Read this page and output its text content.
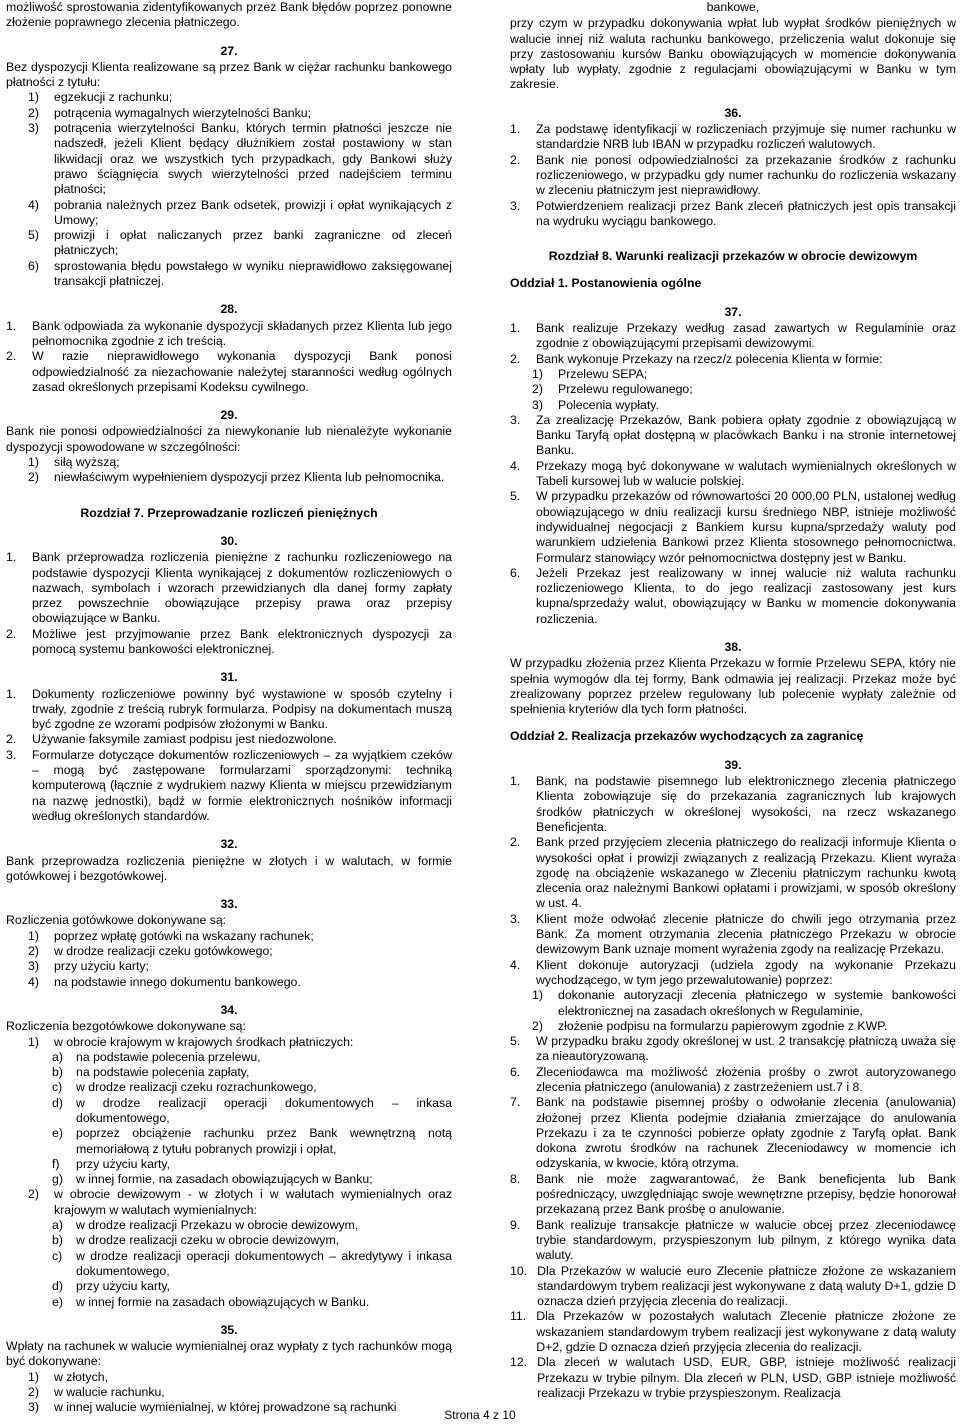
możliwość sprostowania zidentyfikowanych przez Bank błędów poprzez ponowne złożenie poprawnego zlecenia płatniczego.
27.
Bez dyspozycji Klienta realizowane są przez Bank w ciężar rachunku bankowego płatności z tytułu:
1)	egzekucji z rachunku;
2)	potrącenia wymagalnych wierzytelności Banku;
3)	potrącenia wierzytelności Banku, których termin płatności jeszcze nie nadszedł, jeżeli Klient będący dłużnikiem został postawiony w stan likwidacji oraz we wszystkich tych przypadkach, gdy Bankowi służy prawo ściągnięcia swych wierzytelności przed nadejściem terminu płatności;
4)	pobrania należnych przez Bank odsetek, prowizji i opłat wynikających z Umowy;
5)	prowizji i opłat naliczanych przez banki zagraniczne od zleceń płatniczych;
6)	sprostowania błędu powstałego w wyniku nieprawidłowo zaksięgowanej transakcji płatniczej.
28.
1.	Bank odpowiada za wykonanie dyspozycji składanych przez Klienta lub jego pełnomocnika zgodnie z ich treścią.
2.	W razie nieprawidłowego wykonania dyspozycji Bank ponosi odpowiedzialność za niezachowanie należytej staranności według ogólnych zasad określonych przepisami Kodeksu cywilnego.
29.
Bank nie ponosi odpowiedzialności za niewykonanie lub nienależyte wykonanie dyspozycji spowodowane w szczególności:
1)	siłą wyższą;
2)	niewłaściwym wypełnieniem dyspozycji przez Klienta lub pełnomocnika.
Rozdział 7. Przeprowadzanie rozliczeń pieniężnych
30.
1.	Bank przeprowadza rozliczenia pieniężne z rachunku rozliczeniowego na podstawie dyspozycji Klienta wynikającej z dokumentów rozliczeniowych o nazwach, symbolach i wzorach przewidzianych dla danej formy zapłaty przez powszechnie obowiązujące przepisy prawa oraz przepisy obowiązujące w Banku.
2.	Możliwe jest przyjmowanie przez Bank elektronicznych dyspozycji za pomocą systemu bankowości elektronicznej.
31.
1.	Dokumenty rozliczeniowe powinny być wystawione w sposób czytelny i trwały, zgodnie z treścią rubryk formularza. Podpisy na dokumentach muszą być zgodne ze wzorami podpisów złożonymi w Banku.
2.	Używanie faksymile zamiast podpisu jest niedozwolone.
3.	Formularze dotyczące dokumentów rozliczeniowych – za wyjątkiem czeków – mogą być zastępowane formularzami sporządzonymi: techniką komputerową (łącznie z wydrukiem nazwy Klienta w miejscu przewidzianym na nazwę jednostki), bądź w formie elektronicznych nośników informacji według określonych standardów.
32.
Bank przeprowadza rozliczenia pieniężne w złotych i w walutach, w formie gotówkowej i bezgotówkowej.
33.
Rozliczenia gotówkowe dokonywane są:
1)	poprzez wpłatę gotówki na wskazany rachunek;
2)	w drodze realizacji czeku gotówkowego;
3)	przy użyciu karty;
4)	na podstawie innego dokumentu bankowego.
34.
Rozliczenia bezgotówkowe dokonywane są:
1)	w obrocie krajowym w krajowych środkach płatniczych:
a)	na podstawie polecenia przelewu,
b)	na podstawie polecenia zapłaty,
c)	w drodze realizacji czeku rozrachunkowego,
d)	w drodze realizacji operacji dokumentowych – inkasa dokumentowego,
e)	poprzez obciążenie rachunku przez Bank wewnętrzną notą memoriałową z tytułu pobranych prowizji i opłat,
f)	przy użyciu karty,
g)	w innej formie, na zasadach obowiązujących w Banku;
2)	w obrocie dewizowym - w złotych i w walutach wymienialnych oraz krajowym w walutach wymienialnych:
a)	w drodze realizacji Przekazu w obrocie dewizowym,
b)	w drodze realizacji czeku w obrocie dewizowym,
c)	w drodze realizacji operacji dokumentowych – akredytywy i inkasa dokumentowego,
d)	przy użyciu karty,
e)	w innej formie na zasadach obowiązujących w Banku.
35.
Wpłaty na rachunek w walucie wymienialnej oraz wypłaty z tych rachunków mogą być dokonywane:
1)	w złotych,
2)	w walucie rachunku,
3)	w innej walucie wymienialnej, w której prowadzone są rachunki
bankowe,
przy czym w przypadku dokonywania wpłat lub wypłat środków pieniężnych w walucie innej niż waluta rachunku bankowego, przeliczenia walut dokonuje się przy zastosowaniu kursów Banku obowiązujących w momencie dokonywania wpłaty lub wypłaty, zgodnie z regulacjami obowiązującymi w Banku w tym zakresie.
36.
1.	Za podstawę identyfikacji w rozliczeniach przyjmuje się numer rachunku w standardzie NRB lub IBAN w przypadku rozliczeń walutowych.
2.	Bank nie ponosi odpowiedzialności za przekazanie środków z rachunku rozliczeniowego, w przypadku gdy numer rachunku do rozliczenia wskazany w zleceniu płatniczym jest nieprawidłowy.
3.	Potwierdzeniem realizacji przez Bank zleceń płatniczych jest opis transakcji na wydruku wyciągu bankowego.
Rozdział 8. Warunki realizacji przekazów w obrocie dewizowym
Oddział 1. Postanowienia ogólne
37.
1.	Bank realizuje Przekazy według zasad zawartych w Regulaminie oraz zgodnie z obowiązującymi przepisami dewizowymi.
2.	Bank wykonuje Przekazy na rzecz/z polecenia Klienta w formie:
1)	Przelewu SEPA;
2)	Przelewu regulowanego;
3)	Polecenia wypłaty.
3.	Za zrealizację Przekazów, Bank pobiera opłaty zgodnie z obowiązującą w Banku Taryfą opłat dostępną w placówkach Banku i na stronie internetowej Banku.
4.	Przekazy mogą być dokonywane w walutach wymienialnych określonych w Tabeli kursowej lub w walucie polskiej.
5.	W przypadku przekazów od równowartości 20 000,00 PLN, ustalonej według obowiązującego w dniu realizacji kursu średniego NBP, istnieje możliwość indywidualnej negocjacji z Bankiem kursu kupna/sprzedaży waluty pod warunkiem udzielenia Bankowi przez Klienta stosownego pełnomocnictwa. Formularz stanowiący wzór pełnomocnictwa dostępny jest w Banku.
6.	Jeżeli Przekaz jest realizowany w innej walucie niż waluta rachunku rozliczeniowego Klienta, to do jego realizacji zastosowany jest kurs kupna/sprzedaży walut, obowiązujący w Banku w momencie dokonywania rozliczenia.
38.
W przypadku złożenia przez Klienta Przekazu w formie Przelewu SEPA, który nie spełnia wymogów dla tej formy, Bank odmawia jej realizacji. Przekaz może być zrealizowany poprzez przelew regulowany lub polecenie wypłaty zależnie od spełnienia kryteriów dla tych form płatności.
Oddział 2. Realizacja przekazów wychodzących za zagranicę
39.
1.	Bank, na podstawie pisemnego lub elektronicznego zlecenia płatniczego Klienta zobowiązuje się do przekazania zagranicznych lub krajowych środków płatniczych w określonej wysokości, na rzecz wskazanego Beneficjenta.
2.	Bank przed przyjęciem zlecenia płatniczego do realizacji informuje Klienta o wysokości opłat i prowizji związanych z realizacją Przekazu. Klient wyraża zgodę na obciążenie wskazanego w Zleceniu płatniczym rachunku kwotą zlecenia oraz należnymi Bankowi opłatami i prowizjami, w sposób określony w ust. 4.
3.	Klient może odwołać zlecenie płatnicze do chwili jego otrzymania przez Bank. Za moment otrzymania zlecenia płatniczego Przekazu w obrocie dewizowym Bank uznaje moment wyrażenia zgody na realizację Przekazu.
4.	Klient dokonuje autoryzacji (udziela zgody na wykonanie Przekazu wychodzącego, w tym jego przewalutowanie) poprzez:
1)	dokonanie autoryzacji zlecenia płatniczego w systemie bankowości elektronicznej na zasadach określonych w Regulaminie,
2)	złożenie podpisu na formularzu papierowym zgodnie z KWP.
5.	W przypadku braku zgody określonej w ust. 2 transakcję płatniczą uważa się za nieautoryzowaną.
6.	Zleceniodawca ma możliwość złożenia prośby o zwrot autoryzowanego zlecenia płatniczego (anulowania) z zastrzeżeniem ust.7 i 8.
7.	Bank na podstawie pisemnej prośby o odwołanie zlecenia (anulowania) złożonej przez Klienta podejmie działania zmierzające do anulowania Przekazu i za te czynności pobierze opłaty zgodnie z Taryfą opłat. Bank dokona zwrotu środków na rachunek Zleceniodawcy w momencie ich odzyskania, w kwocie, którą otrzyma.
8.	Bank nie może zagwarantować, że Bank beneficjenta lub Bank pośredniczący, uwzględniając swoje wewnętrzne przepisy, będzie honorował przekazaną przez Bank prośbę o anulowanie.
9.	Bank realizuje transakcje płatnicze w walucie obcej przez zleceniodawcę trybie standardowym, przyspieszonym lub pilnym, z którego wynika data waluty.
10. Dla Przekazów w walucie euro Zlecenie płatnicze złożone ze wskazaniem standardowym trybem realizacji jest wykonywane z datą waluty D+1, gdzie D oznacza dzień przyjęcia zlecenia do realizacji.
11. Dla Przekazów w pozostałych walutach Zlecenie płatnicze złożone ze wskazaniem standardowym trybem realizacji jest wykonywane z datą waluty D+2, gdzie D oznacza dzień przyjęcia zlecenia do realizacji.
12. Dla zleceń w walutach USD, EUR, GBP, istnieje możliwość realizacji Przekazu w trybie pilnym. Dla zleceń w PLN, USD, GBP istnieje możliwość realizacji Przekazu w trybie przyspieszonym. Realizacja
Strona 4 z 10
